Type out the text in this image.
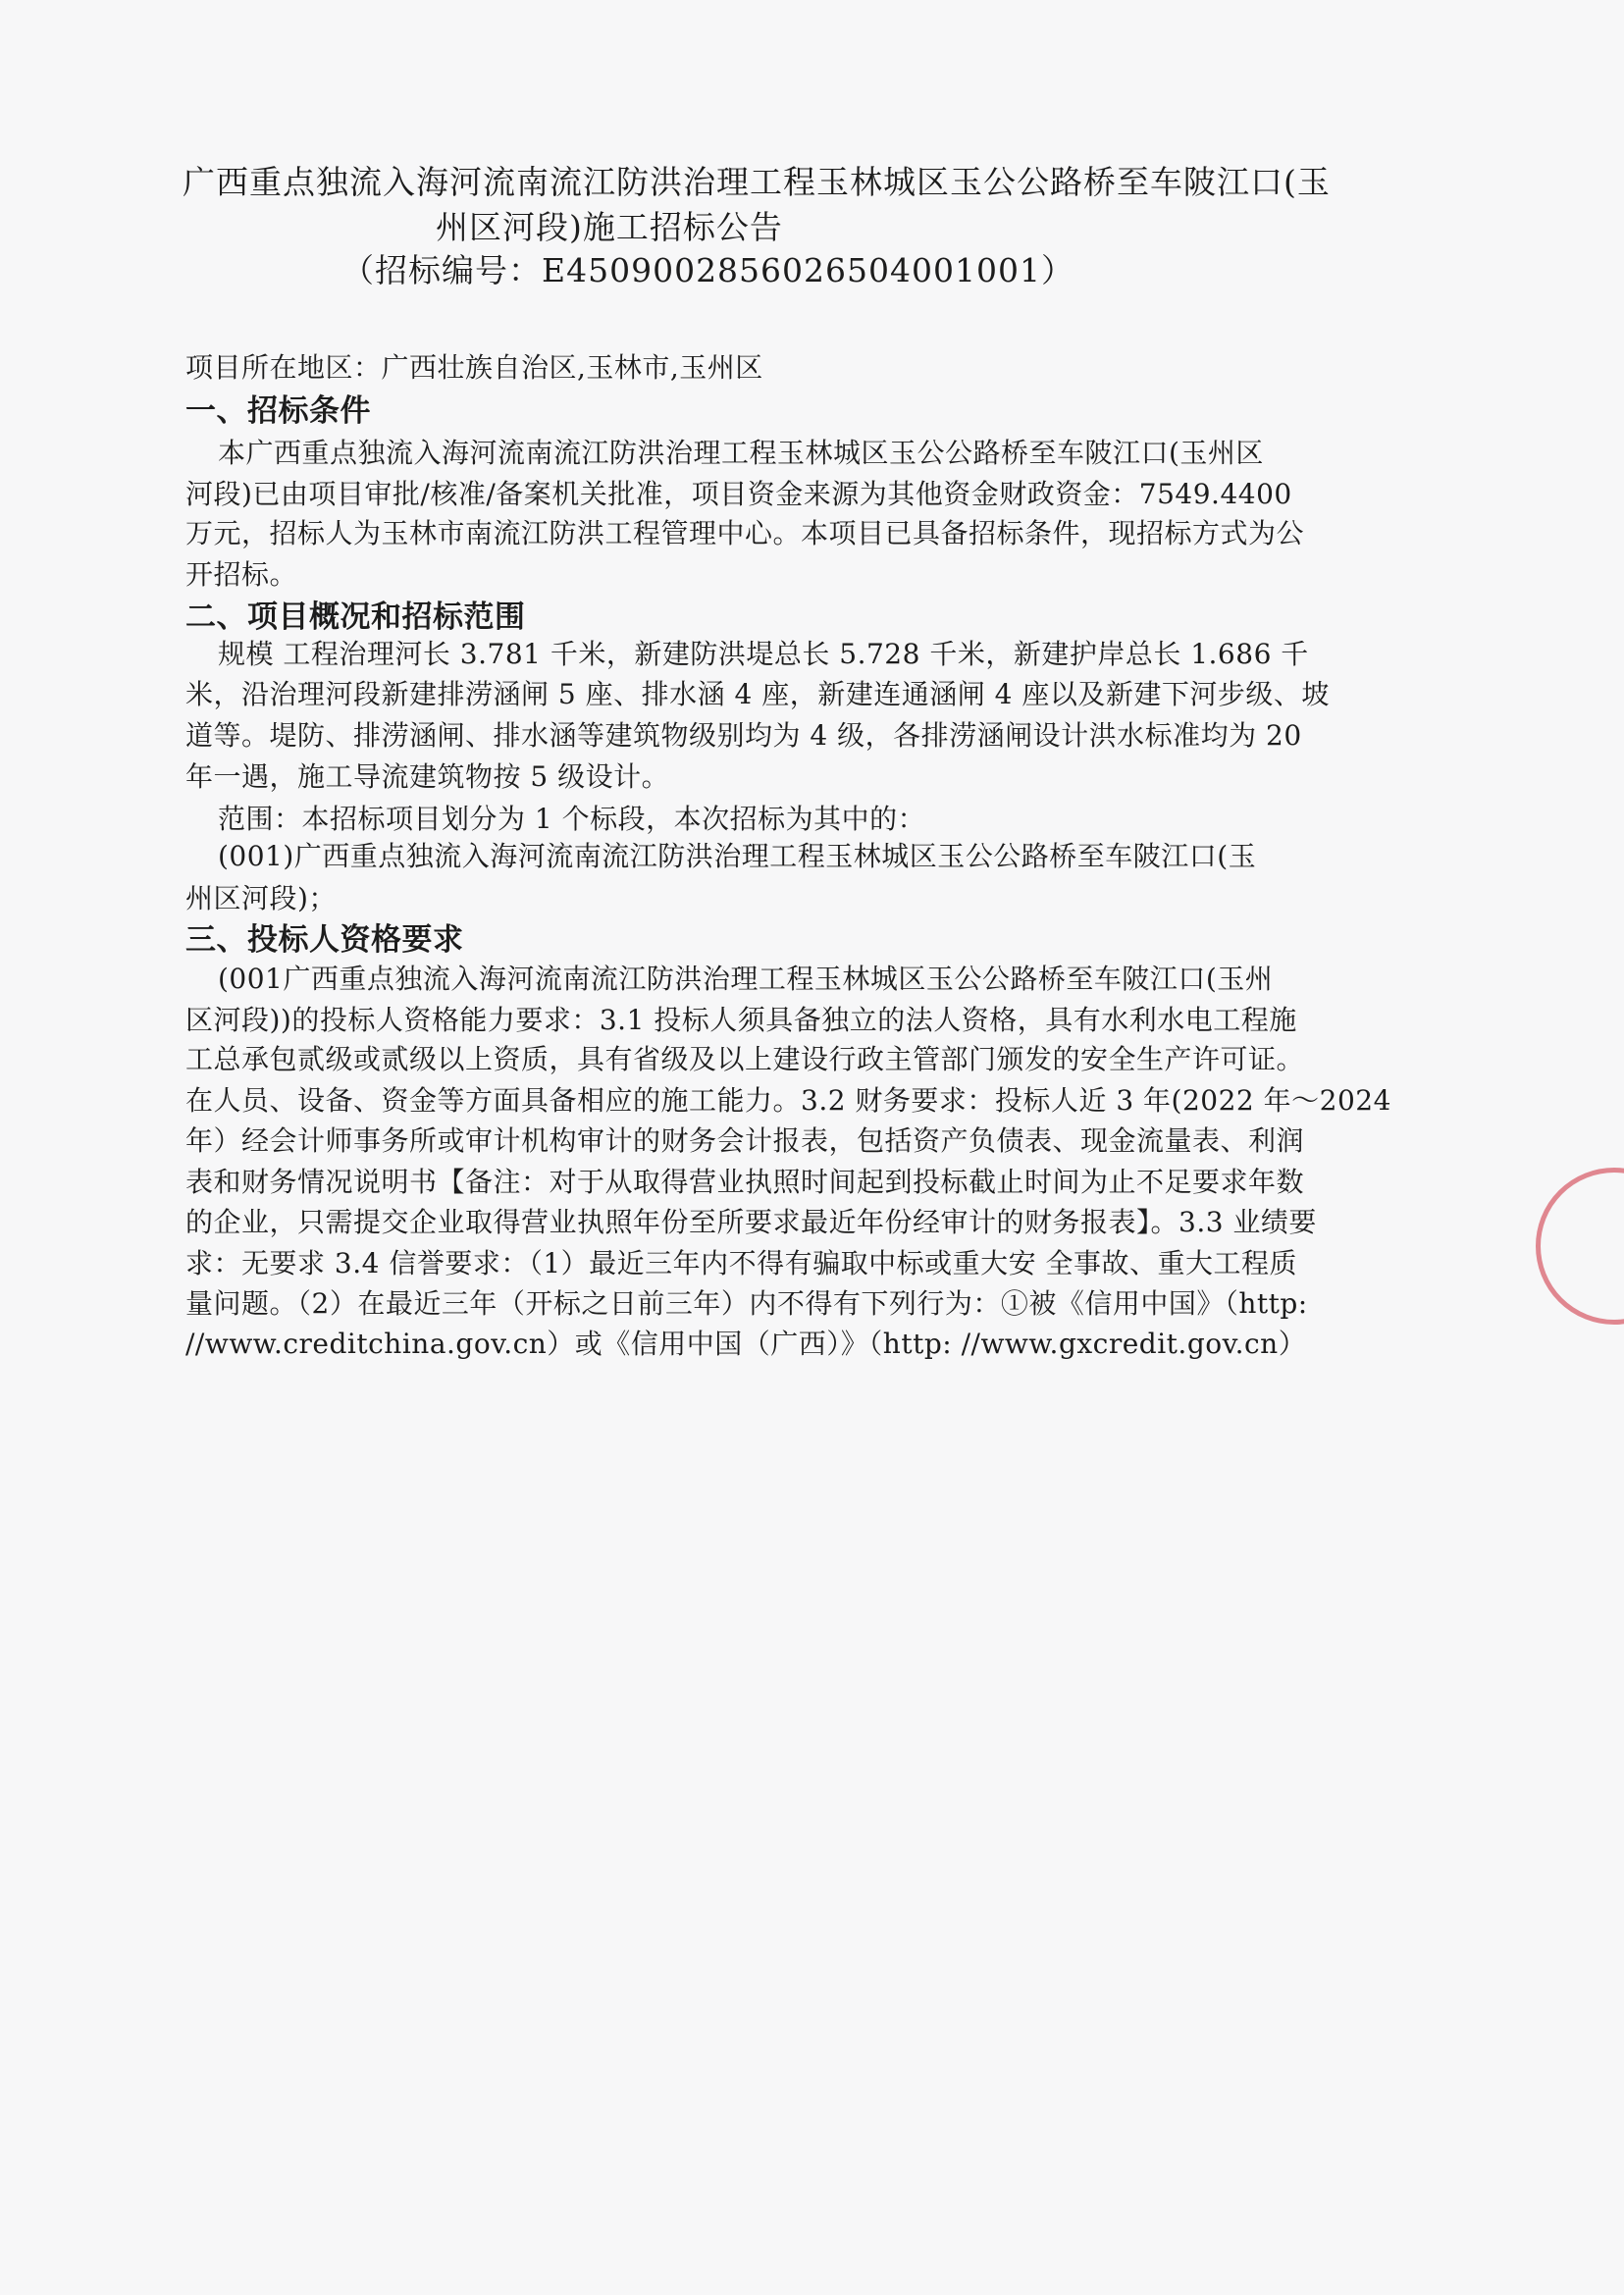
广西重点独流入海河流南流江防洪治理工程玉林城区玉公公路桥至车陂江口(玉
州区河段)施工招标公告
（招标编号：E4509002856026504001001）
项目所在地区：广西壮族自治区,玉林市,玉州区
一、招标条件
本广西重点独流入海河流南流江防洪治理工程玉林城区玉公公路桥至车陂江口(玉州区
河段)已由项目审批/核准/备案机关批准，项目资金来源为其他资金财政资金：7549.4400
万元，招标人为玉林市南流江防洪工程管理中心。本项目已具备招标条件，现招标方式为公
开招标。
二、项目概况和招标范围
规模 工程治理河长 3.781 千米，新建防洪堤总长 5.728 千米，新建护岸总长 1.686 千
米，沿治理河段新建排涝涵闸 5 座、排水涵 4 座，新建连通涵闸 4 座以及新建下河步级、坡
道等。堤防、排涝涵闸、排水涵等建筑物级别均为 4 级，各排涝涵闸设计洪水标准均为 20
年一遇，施工导流建筑物按 5 级设计。
范围：本招标项目划分为 1 个标段，本次招标为其中的：
(001)广西重点独流入海河流南流江防洪治理工程玉林城区玉公公路桥至车陂江口(玉
州区河段)；
三、投标人资格要求
(001广西重点独流入海河流南流江防洪治理工程玉林城区玉公公路桥至车陂江口(玉州
区河段))的投标人资格能力要求：3.1 投标人须具备独立的法人资格，具有水利水电工程施
工总承包贰级或贰级以上资质，具有省级及以上建设行政主管部门颁发的安全生产许可证。
在人员、设备、资金等方面具备相应的施工能力。3.2 财务要求：投标人近 3 年(2022 年～2024
年）经会计师事务所或审计机构审计的财务会计报表，包括资产负债表、现金流量表、利润
表和财务情况说明书【备注：对于从取得营业执照时间起到投标截止时间为止不足要求年数
的企业，只需提交企业取得营业执照年份至所要求最近年份经审计的财务报表】。3.3 业绩要
求：无要求 3.4 信誉要求：（1）最近三年内不得有骗取中标或重大安 全事故、重大工程质
量问题。（2）在最近三年（开标之日前三年）内不得有下列行为：①被《信用中国》（http:
//www.creditchina.gov.cn）或《信用中国（广西）》（http: //www.gxcredit.gov.cn）
